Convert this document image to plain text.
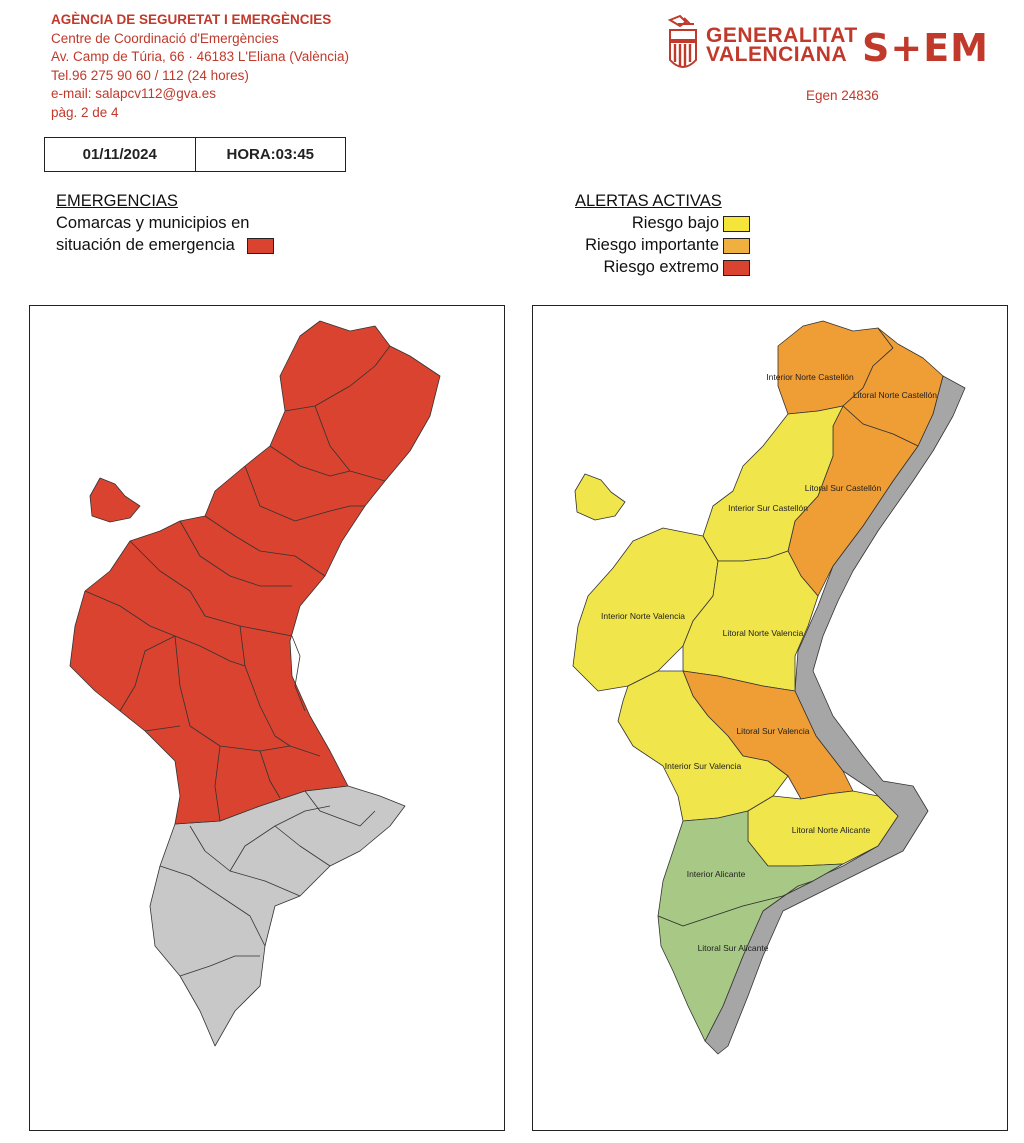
AGÈNCIA DE SEGURETAT I EMERGÈNCIES
Centre de Coordinació d'Emergències
Av. Camp de Túria, 66 · 46183 L'Eliana (València)
Tel.96 275 90 60 / 112 (24 hores)
e-mail: salapcv112@gva.es
pàg. 2 de 4
GENERALITAT
VALENCIANA S+EM
Egen 24836
01/11/2024	HORA:03:45
EMERGENCIAS
Comarcas y municipios en
situación de emergencia
ALERTAS ACTIVAS
Riesgo bajo
Riesgo importante
Riesgo extremo
Interior Norte Castellón
Litoral Norte Castellón
Litoral Sur Castellón
Interior Sur Castellón
Interior Norte Valencia
Litoral Norte Valencia
Litoral Sur Valencia
Interior Sur Valencia
Litoral Norte Alicante
Interior Alicante
Litoral Sur Alicante
